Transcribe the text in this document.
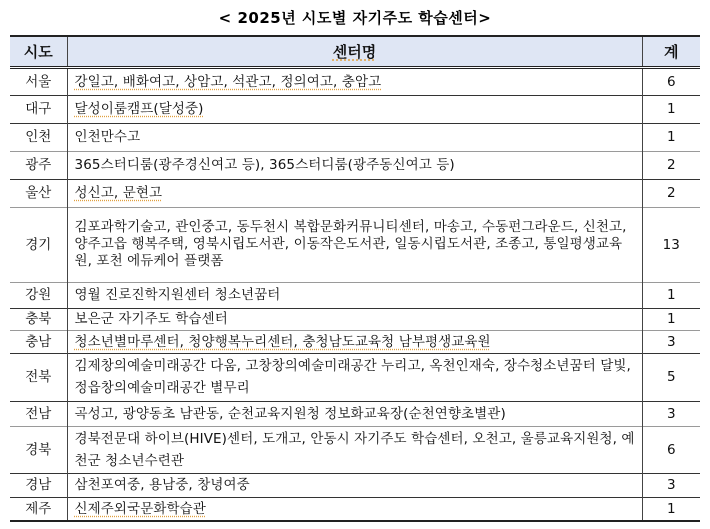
< 2025년 시도별 자기주도 학습센터>
시도	센터명	계
서울	강일고, 배화여고, 상암고, 석관고, 정의여고, 충암고	6
대구	달성이룸캠프(달성중)	1
인천	인천만수고	1
광주	365스터디룸(광주경신여고 등), 365스터디룸(광주동신여고 등)	2
울산	성신고, 문현고	2
경기	김포과학기술고, 관인중고, 동두천시 복합문화커뮤니티센터, 마송고, 수동펀그라운드, 신천고, 양주고읍 행복주택, 영북시립도서관, 이동작은도서관, 일동시립도서관, 조종고, 통일평생교육원, 포천 에듀케어 플랫폼	13
강원	영월 진로진학지원센터 청소년꿈터	1
충북	보은군 자기주도 학습센터	1
충남	청소년별마루센터, 청양행복누리센터, 충청남도교육청 남부평생교육원	3
전북	김제창의예술미래공간 다움, 고창창의예술미래공간 누리고, 옥천인재숙, 장수청소년꿈터 달빛, 정읍창의예술미래공간 별무리	5
전남	곡성고, 광양동초 남관동, 순천교육지원청 정보화교육장(순천연향초별관)	3
경북	경북전문대 하이브(HIVE)센터, 도개고, 안동시 자기주도 학습센터, 오천고, 울릉교육지원청, 예천군 청소년수련관	6
경남	삼천포여중, 용남중, 창녕여중	3
제주	신제주외국문화학습관	1
